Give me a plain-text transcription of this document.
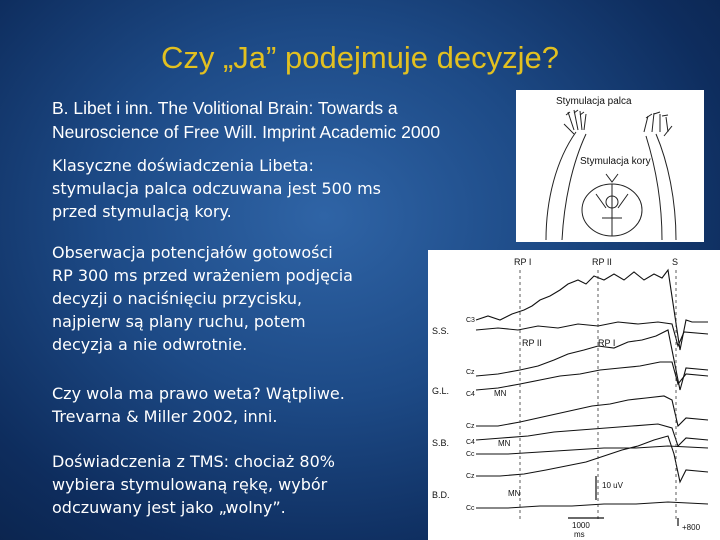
Czy „Ja” podejmuje decyzje?
B. Libet i inn. The Volitional Brain: Towards a
Neuroscience of Free Will. Imprint Academic 2000
Klasyczne doświadczenia Libeta:
stymulacja palca odczuwana jest 500 ms
przed stymulacją kory.
Obserwacja potencjałów gotowości
RP 300 ms przed wrażeniem podjęcia
decyzji o naciśnięciu przycisku,
najpierw są plany ruchu, potem
decyzja a nie odwrotnie.
Czy wola ma prawo weta? Wątpliwe.
Trevarna & Miller 2002, inni.
Doświadczenia z TMS: chociaż 80%
wybiera stymulowaną rękę, wybór
odczuwany jest jako „wolny”.
Stymulacja palca
Stymulacja kory
RP I	RP II	S
RP II	RP I
S.S.
G.L.
S.B.
B.D.
C3
Cz
C4
Cz
C4
Cc
Cz
Cc
MN
MN
MN
10 uV
1000
ms
+800
